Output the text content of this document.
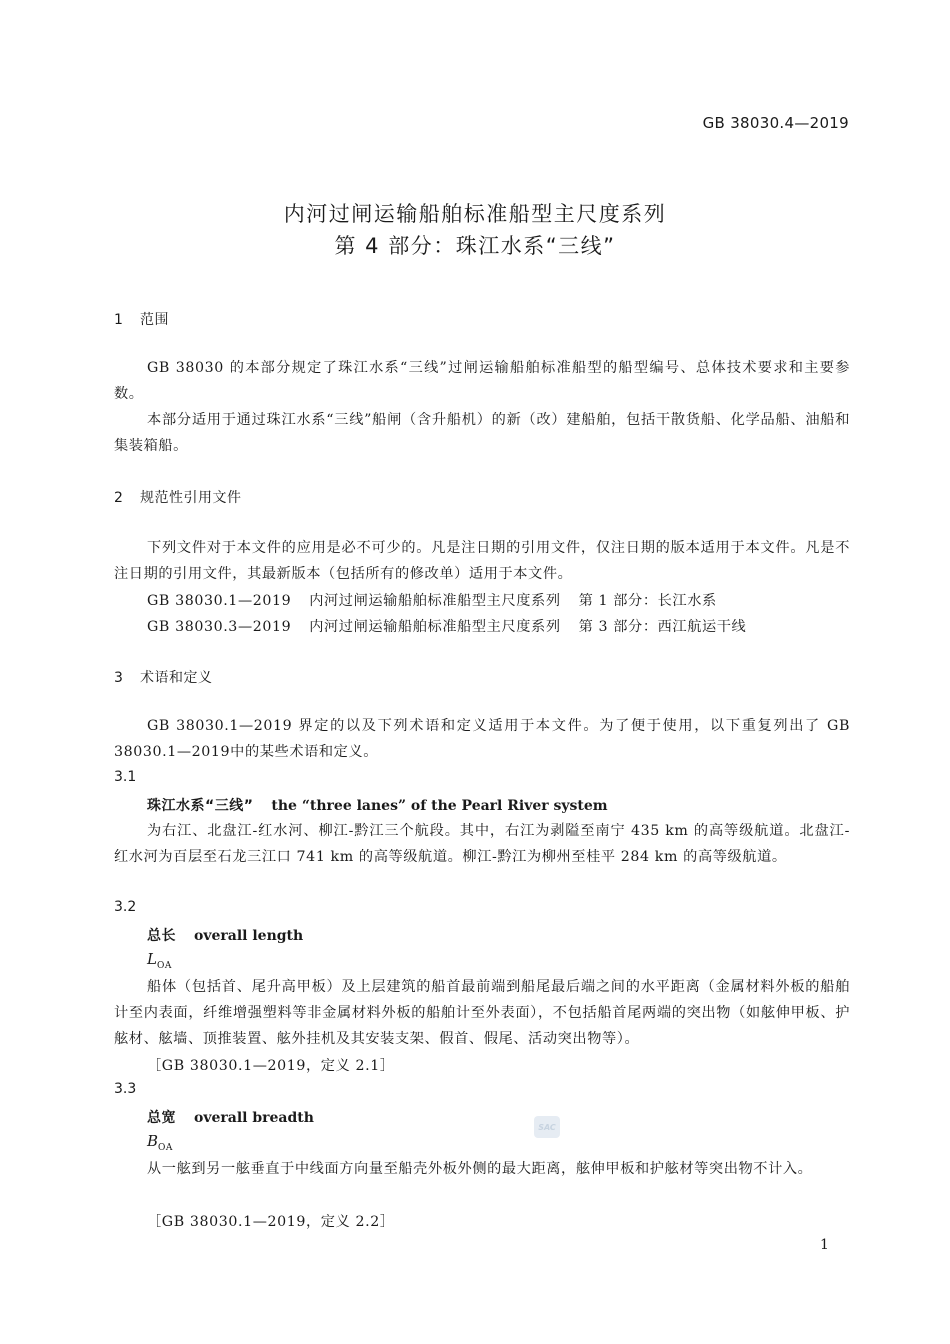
GB 38030.4—2019
内河过闸运输船舶标准船型主尺度系列
第 4 部分：珠江水系“三线”
1 范围
GB 38030 的本部分规定了珠江水系“三线”过闸运输船舶标准船型的船型编号、总体技术要求和主要参数。
本部分适用于通过珠江水系“三线”船闸（含升船机）的新（改）建船舶，包括干散货船、化学品船、油船和集装箱船。
2 规范性引用文件
下列文件对于本文件的应用是必不可少的。凡是注日期的引用文件，仅注日期的版本适用于本文件。凡是不注日期的引用文件，其最新版本（包括所有的修改单）适用于本文件。
GB 38030.1—2019 内河过闸运输船舶标准船型主尺度系列 第 1 部分：长江水系
GB 38030.3—2019 内河过闸运输船舶标准船型主尺度系列 第 3 部分：西江航运干线
3 术语和定义
GB 38030.1—2019 界定的以及下列术语和定义适用于本文件。为了便于使用，以下重复列出了 GB 38030.1—2019中的某些术语和定义。
3.1
珠江水系“三线” the “three lanes” of the Pearl River system
为右江、北盘江-红水河、柳江-黔江三个航段。其中，右江为剥隘至南宁 435 km 的高等级航道。北盘江-红水河为百层至石龙三江口 741 km 的高等级航道。柳江-黔江为柳州至桂平 284 km 的高等级航道。
3.2
总长 overall length
$L_{OA}$
船体（包括首、尾升高甲板）及上层建筑的船首最前端到船尾最后端之间的水平距离（金属材料外板的船舶计至内表面，纤维增强塑料等非金属材料外板的船舶计至外表面），不包括船首尾两端的突出物（如舷伸甲板、护舷材、舷墙、顶推装置、舷外挂机及其安装支架、假首、假尾、活动突出物等）。
［GB 38030.1—2019，定义 2.1］
3.3
总宽 overall breadth
$B_{OA}$
从一舷到另一舷垂直于中线面方向量至船壳外板外侧的最大距离，舷伸甲板和护舷材等突出物不计入。
［GB 38030.1—2019，定义 2.2］
SAC
1
